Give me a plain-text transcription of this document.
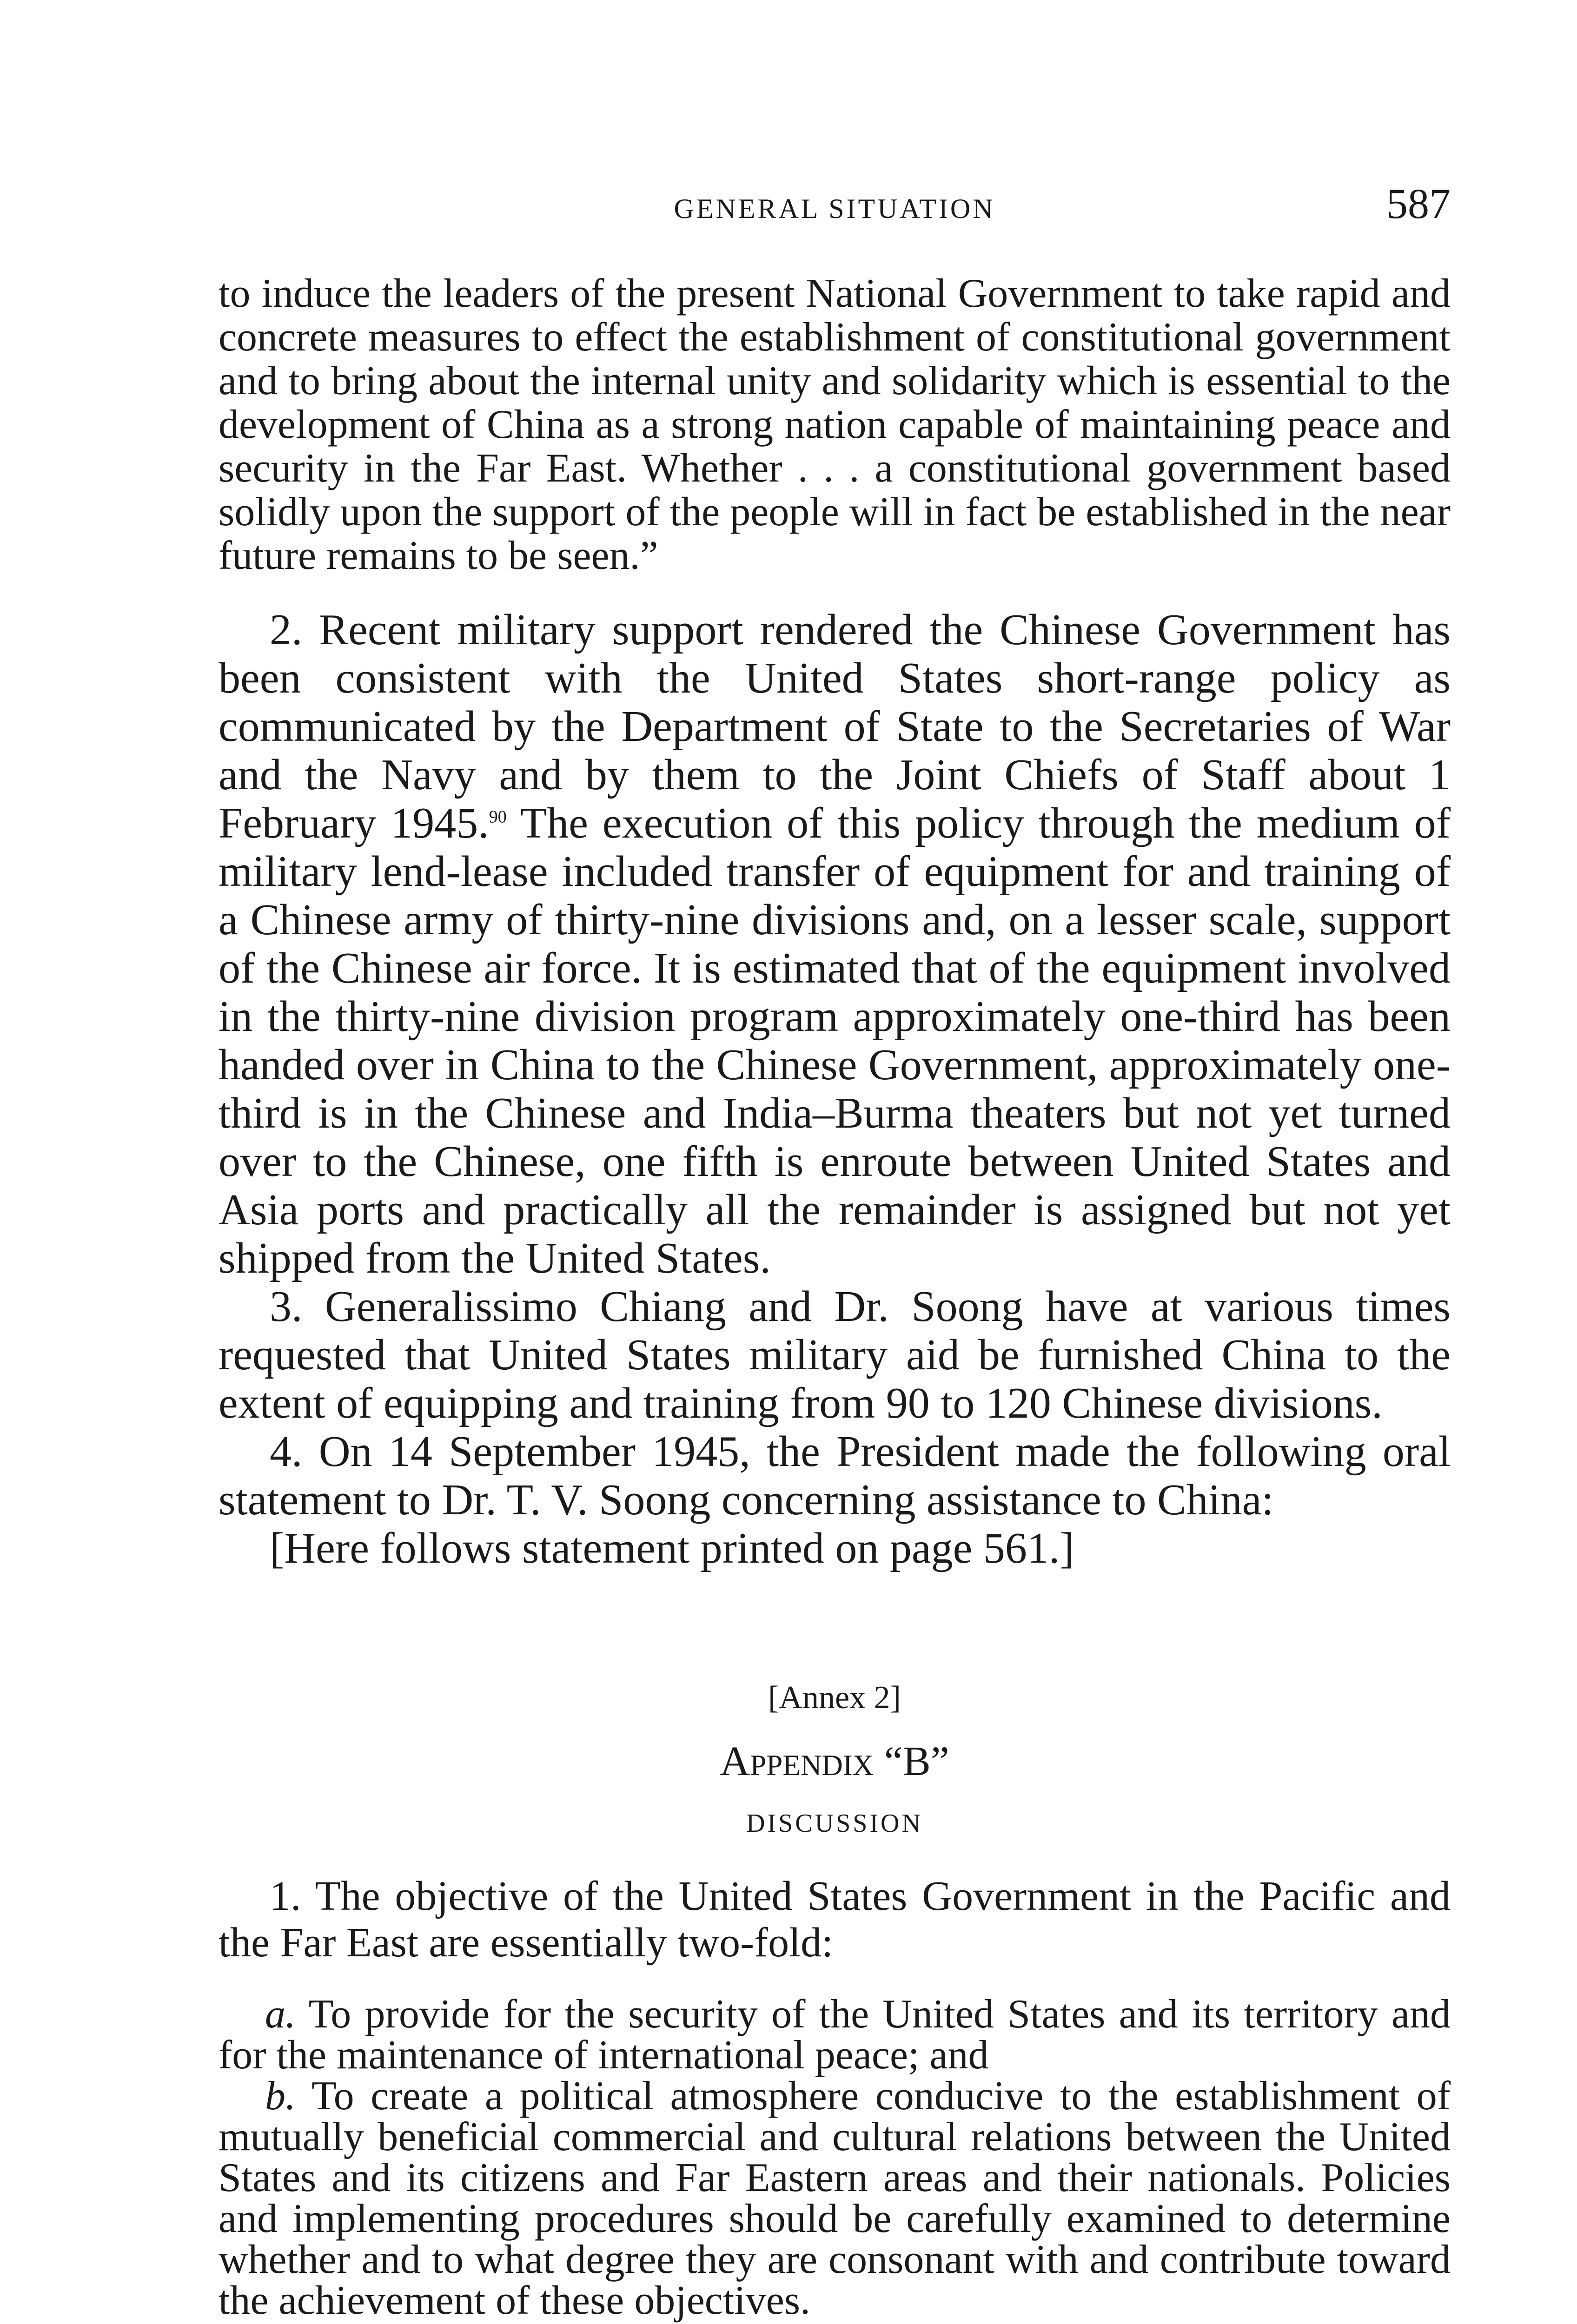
GENERAL SITUATION	587

to induce the leaders of the present National Government to take rapid and concrete measures to effect the establishment of constitutional government and to bring about the internal unity and solidarity which is essential to the development of China as a strong nation capable of maintaining peace and security in the Far East. Whether . . . a constitutional government based solidly upon the support of the people will in fact be established in the near future remains to be seen.”

2. Recent military support rendered the Chinese Government has been consistent with the United States short-range policy as communicated by the Department of State to the Secretaries of War and the Navy and by them to the Joint Chiefs of Staff about 1 February 1945.90 The execution of this policy through the medium of military lend-lease included transfer of equipment for and training of a Chinese army of thirty-nine divisions and, on a lesser scale, support of the Chinese air force. It is estimated that of the equipment involved in the thirty-nine division program approximately one-third has been handed over in China to the Chinese Government, approximately one-third is in the Chinese and India–Burma theaters but not yet turned over to the Chinese, one fifth is enroute between United States and Asia ports and practically all the remainder is assigned but not yet shipped from the United States.

3. Generalissimo Chiang and Dr. Soong have at various times requested that United States military aid be furnished China to the extent of equipping and training from 90 to 120 Chinese divisions.

4. On 14 September 1945, the President made the following oral statement to Dr. T. V. Soong concerning assistance to China:

[Here follows statement printed on page 561.]

[Annex 2]
Appendix “B”
DISCUSSION

1. The objective of the United States Government in the Pacific and the Far East are essentially two-fold:

a. To provide for the security of the United States and its territory and for the maintenance of international peace; and

b. To create a political atmosphere conducive to the establishment of mutually beneficial commercial and cultural relations between the United States and its citizens and Far Eastern areas and their nationals. Policies and implementing procedures should be carefully examined to determine whether and to what degree they are consonant with and contribute toward the achievement of these objectives.
